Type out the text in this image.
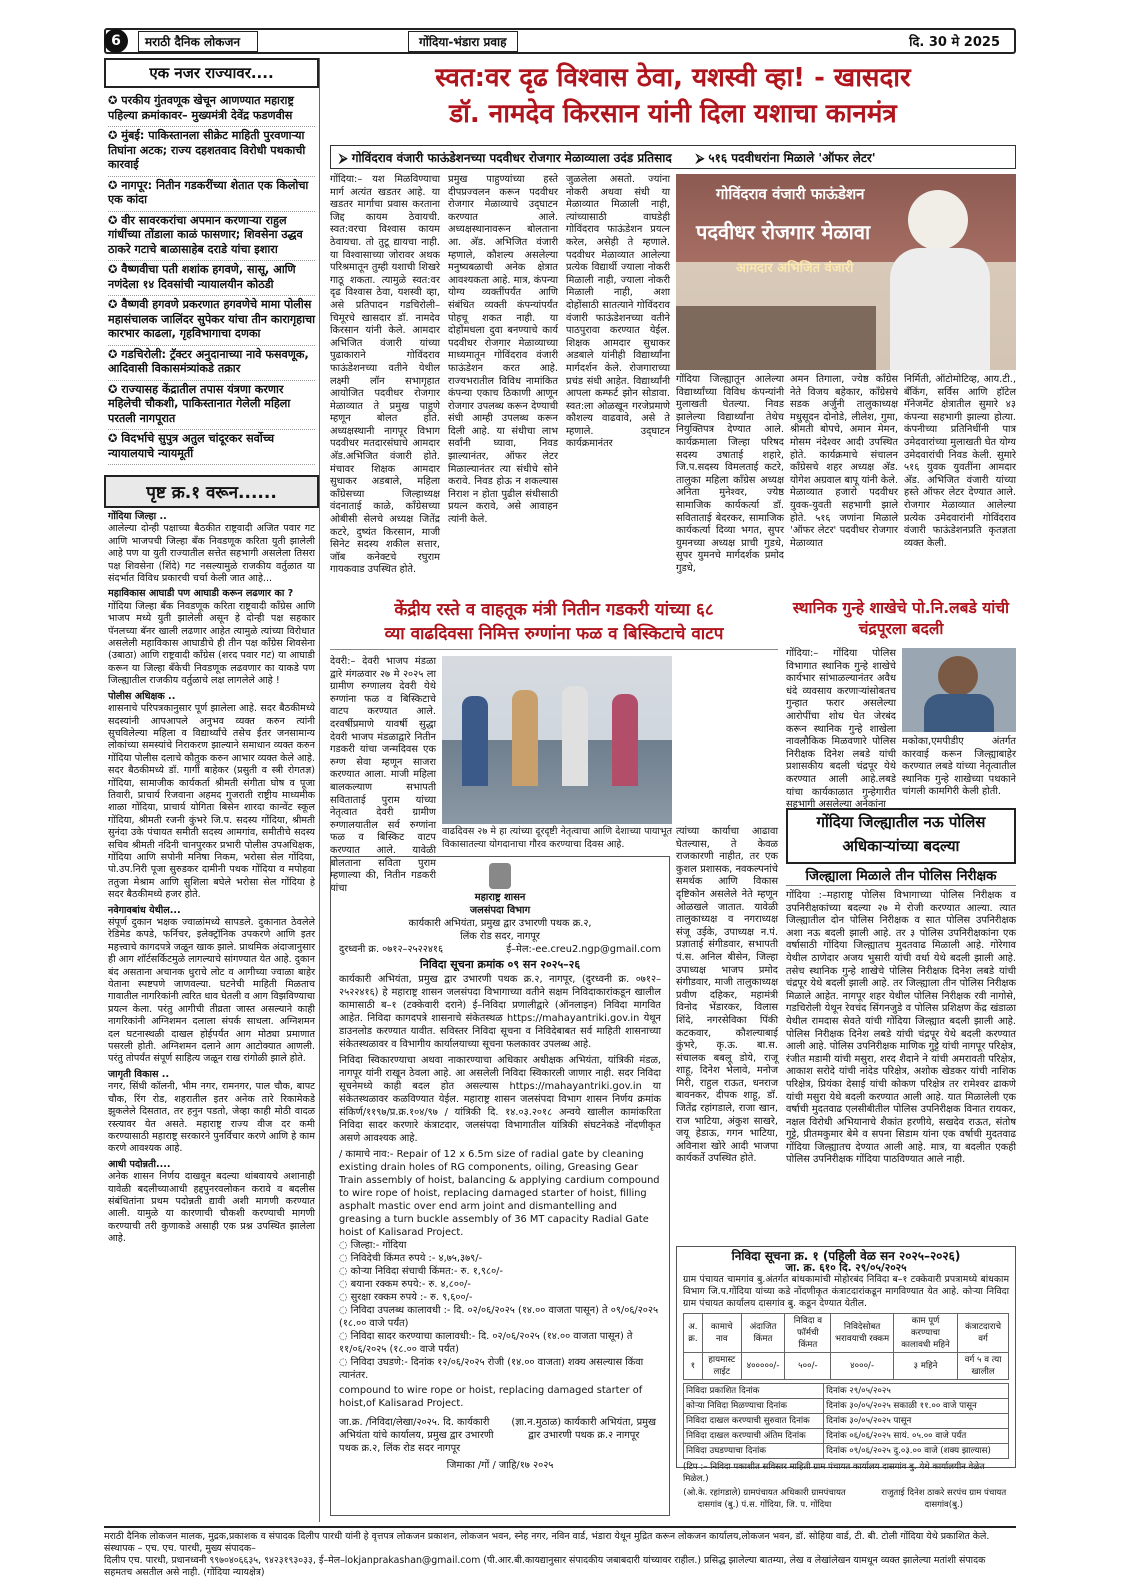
6	मराठी दैनिक लोकजन	गोंदिया-भंडारा प्रवाह	दि. 30 मे 2025
एक नजर राज्यावर....
✪ परकीय गुंतवणूक खेचून आणण्यात महाराष्ट्र पहिल्या क्रमांकावर– मुख्यमंत्री देवेंद्र फडणवीस
✪ मुंबई: पाकिस्तानला सीक्रेट माहिती पुरवणाऱ्या तिघांना अटक; राज्य दहशतवाद विरोधी पथकाची कारवाई
✪ नागपूर: नितीन गडकरींच्या शेतात एक किलोचा एक कांदा
✪ वीर सावरकरांचा अपमान करणाऱ्या राहुल गांधींच्या तोंडाला काळं फासणार; शिवसेना उद्धव ठाकरे गटाचे बाळासाहेब दराडे यांचा इशारा
✪ वैष्णवीचा पती शशांक हगवणे, सासू, आणि नणंदेला १४ दिवसांची न्यायालयीन कोठडी
✪ वैष्णवी हगवणे प्रकरणात हगवणेचे मामा पोलीस महासंचालक जालिंदर सुपेकर यांचा तीन कारागृहाचा कारभार काढला, गृहविभागाचा दणका
✪ गडचिरोली: ट्रॅक्टर अनुदानाच्या नावे फसवणूक, आदिवासी विकासमंत्र्यांकडे तक्रार
✪ राज्यासह केंद्रातील तपास यंत्रणा करणार महिलेची चौकशी, पाकिस्तानात गेलेली महिला परतली नागपूरात
✪ विदर्भाचे सुपुत्र अतुल चांदूरकर सर्वोच्च न्यायालयाचे न्यायमूर्ती
पृष्ट क्र.१ वरून......
गोंदिया जिल्हा ..

आलेल्या दोन्ही पक्षाच्या बैठकीत राष्ट्रवादी अजित पवार गट आणि भाजपची जिल्हा बँक निवडणूक करिता युती झालेली आहे पण या युती राज्यातील सत्तेत सहभागी असलेला तिसरा पक्ष शिवसेना (शिंदे) गट नसल्यामुळे राजकीय वर्तुळात या संदर्भात विविध प्रकारची चर्चा केली जात आहे...

महाविकास आघाडी पण आघाडी करून लढणार का ?

गोंदिया जिल्हा बँक निवडणूक करिता राष्ट्रवादी काँग्रेस आणि भाजप मध्ये युती झालेली असून हे दोन्ही पक्ष सहकार पॅनलच्या बॅनर खाली लढणार आहेत त्यामुळे त्यांच्या विरोधात असलेली महाविकास आघाडीचे ही तीन पक्ष काँग्रेस शिवसेना (उबाठा) आणि राष्ट्रवादी काँग्रेस (शरद पवार गट) या आघाडी करून या जिल्हा बँकेची निवडणूक लढवणार का याकडे पण जिल्ह्यातील राजकीय वर्तुळाचे लक्ष लागलेले आहे !

पोलीस अधिक्षक ..

शासनाचे परिपत्रकानुसार पूर्ण झालेला आहे. सदर बैठकीमध्ये सदस्यांनी आपआपले अनुभव व्यक्त करुन त्यांनी सुचविलेल्या महिला व विद्यार्थ्यांचे तसेच ईतर जनसामान्य लोकांच्या समस्यांचे निराकरण झाल्याने समाधान व्यक्त करुन गोंदिया पोलीस दलाचे कौतुक करुन आभार व्यक्त केले आहे. सदर बैठकीमध्ये डॉ. गार्गी बाहेकर (प्रसुती व स्त्री रोगतज्ञ) गोंदिया, सामाजीक कार्यकर्ता श्रीमती संगीता घोष व पूजा तिवारी, प्राचार्य रिजवाना अहमद गुजराती राष्ट्रीय माध्यमीक शाळा गोंदिया, प्राचार्य योगिता बिसेन शारदा कान्वेंट स्कूल गोंदिया, श्रीमती रजनी कुंभरे जि.प. सदस्य गोंदिया, श्रीमती सुनंदा उके पंचायत समीती सदस्य आमगांव, समीतीचे सदस्य सचिव श्रीमती नंदिनी चानपुरकर प्रभारी पोलीस उपअधिक्षक, गोंदिया आणि सपोनी मनिषा निकम, भरोसा सेल गोंदिया, पो.उप.निरी पूजा सुरुडकर दामीनी पथक गोंदिया व मपोहवा ततुजा मेश्राम आणि सुशिला बघेले भरोसा सेल गोंदिया हे सदर बैठकीमध्ये हजर होते.

नवेगावबांध येथील...

संपूर्ण दुकान भक्षक ज्वाळांमध्ये सापडले. दुकानात ठेवलेले रेडिमेड कपडे, फर्निचर, इलेक्ट्रॉनिक उपकरणे आणि इतर महत्त्वाचे कागदपत्रे जळून खाक झाले. प्राथमिक अंदाजानुसार ही आग शॉर्टसर्किटमुळे लागल्याचे सांगण्यात येत आहे. दुकान बंद असताना अचानक धुराचे लोट व आगीच्या ज्वाळा बाहेर येताना स्पष्टपणे जाणवल्या. घटनेची माहिती मिळताच गावातील नागरिकांनी त्वरित धाव घेतली व आग विझविण्याचा प्रयत्न केला. परंतु आगीची तीव्रता जास्त असल्याने काही नागरिकांनी अग्निशमन दलाला संपर्क साधला. अग्निशमन दल घटनास्थळी दाखल होईपर्यंत आग मोठ्या प्रमाणात पसरली होती. अग्निशमन दलाने आग आटोक्यात आणली. परंतु तोपर्यंत संपूर्ण साहित्य जळून राख रांगोळी झाले होते.

जागृती विकास ..

नगर, सिंधी कॉलनी, भीम नगर, रामनगर, पाल चौक, बापट चौक, रिंग रोड, शहरातील इतर अनेक तारे रिकामेकडे झुकलेले दिसतात, तर हनुन पडतो, जेव्हा काही मोठी वादळ रस्त्यावर येत असते. महाराष्ट्र राज्य वीज दर कमी करण्यासाठी महाराष्ट्र सरकारने पुनर्विचार करणे आणि हे काम करणे आवश्यक आहे.

आधी पदोन्नती....

अनेक शासन निर्णय दाखवून बदल्या थांबवायचे अशानाही यावेळी बदलीच्याआधी हद्दपुनरवलोकन करावे व बदलीस संबंधितांना प्रथम पदोन्नती द्यावी अशी मागणी करण्यात आली. यामुळे या कारणाची चौकशी करण्याची मागणी करण्याची तरी कुणाकडे असाही एक प्रश्न उपस्थित झालेला आहे.

स्वत:वर दृढ विश्वास ठेवा, यशस्वी व्हा! - खासदार
डॉ. नामदेव किरसान यांनी दिला यशाचा कानमंत्र
⮚ गोविंदराव वंजारी फाऊंडेशनच्या पदवीधर रोजगार मेळाव्याला उदंड प्रतिसाद ⮚ ५१६ पदवीधरांना मिळाले 'ऑफर लेटर'
गोंदिया:– यश मिळविण्याचा मार्ग अत्यंत खडतर आहे. या खडतर मार्गाचा प्रवास करताना जिद्द कायम ठेवायची. स्वत:वरचा विश्वास कायम ठेवायचा. तो तुटू द्यायचा नाही. या विश्वासाच्या जोरावर अथक परिश्रमातून तुम्ही यशाची शिखरे गाठू शकता. त्यामुळे स्वत:वर दृढ विश्वास ठेवा, यशस्वी व्हा, असे प्रतिपादन गडचिरोली–चिमूरचे खासदार डॉ. नामदेव किरसान यांनी केले. आमदार अभिजित वंजारी यांच्या पुढाकाराने गोविंदराव फाऊंडेशनच्या वतीने येथील लक्ष्मी लॉन सभागृहात आयोजित पदवीधर रोजगार मेळाव्यात ते प्रमुख पाहुणे म्हणून बोलत होते. अध्यक्षस्थानी नागपूर विभाग पदवीधर मतदारसंघाचे आमदार अ‍ॅड.अभिजित वंजारी होते. मंचावर शिक्षक आमदार सुधाकर अडबाले, महिला काँग्रेसच्या जिल्हाध्यक्ष वंदनाताई काळे, काँग्रेसच्या ओबीसी सेलचे अध्यक्ष जितेंद्र कटरे, दुष्यंत किरसान, माजी सिनेट सदस्य शकील सत्तार, जॉब कनेक्टचे रघुराम गायकवाड उपस्थित होते.
प्रमुख पाहुण्यांच्या हस्ते दीपप्रज्वलन करून पदवीधर रोजगार मेळाव्याचे उद्‌घाटन करण्यात आले. अध्यक्षस्थानावरून बोलताना आ. अ‍ॅड. अभिजित वंजारी म्हणाले, कौशल्य असलेल्या मनुष्यबळाची अनेक क्षेत्रात आवश्यकता आहे. मात्र, कंपन्या योग्य व्यक्तींपर्यंत आणि संबंधित व्यक्ती कंपन्यांपर्यंत पोहचू शकत नाही. या दोहोंमधला दुवा बनण्याचे कार्य पदवीधर रोजगार मेळाव्याच्या माध्यमातून गोविंदराव वंजारी फाऊंडेशन करत आहे. राज्यभरातील विविध नामांकित कंपन्या एकाच ठिकाणी आणून रोजगार उपलब्ध करून देण्याची संधी आम्ही उपलब्ध करून दिली आहे. या संधीचा लाभ सर्वांनी घ्यावा, निवड झाल्यानंतर, ऑफर लेटर मिळाल्यानंतर त्या संधीचे सोने करावे. निवड होऊ न शकल्यास निराश न होता पुढील संधीसाठी प्रयत्न करावे, असे आवाहन त्यांनी केले.
जुळलेला असतो. ज्यांना नोकरी अथवा संधी या मेळाव्यात मिळाली नाही, त्यांच्यासाठी वाघडेही गोविंदराव फाऊंडेशन प्रयत्न करेल, असेही ते म्हणाले. पदवीधर मेळाव्यात आलेल्या प्रत्येक विद्यार्थी ज्याला नोकरी मिळाली नाही, ज्याला नोकरी मिळाली नाही, अशा दोहोंसाठी सातत्याने गोविंदराव वंजारी फाऊंडेशनच्या वतीने पाठपुरावा करण्यात येईल. शिक्षक आमदार सुधाकर अडबाले यांनीही विद्यार्थ्यांना मार्गदर्शन केले. रोजगाराच्या प्रचंड संधी आहेत. विद्यार्थ्यांनी आपला कम्फर्ट झोन सोडावा. स्वत:ला ओळखून गरजेप्रमाणे कौशल्य वाढवावे, असे ते म्हणाले. उद्‌घाटन कार्यक्रमानंतर
गोविंदराव वंजारी फाऊंडेशन
पदवीधर रोजगार मेळावा
आमदार अभिजित वंजारी
गोंदिया जिल्ह्यातून आलेल्या विद्यार्थ्यांच्या विविध कंपन्यांनी मुलाखती घेतल्या. निवड झालेल्या विद्यार्थ्यांना तेथेच नियुक्तिपत्र देण्यात आले. कार्यक्रमाला जिल्हा परिषद सदस्य उषाताई शहारे, जि.प.सदस्य विमलताई कटरे, तालुका महिला काँग्रेस अध्यक्ष अनिता मुनेश्वर, ज्येष्ठ सामाजिक कार्यकर्त्या डॉ. सविताताई बेदरकर, सामाजिक कार्यकर्त्या दिव्या भगत, सुपर युमनच्या अध्यक्ष प्राची गुडधे, सुपर युमनचे मार्गदर्शक प्रमोद गुडधे,
अमन तिगाला, ज्येष्ठ काँग्रेस नेते विजय बहेकार, काँग्रेसचे सडक अर्जुनी तालुकाध्यक्ष मधुसूदन दोनोडे, लीलेश, गुमा, श्रीमती बोपचे, अमान मेमन, मोसम नंदेश्वर आदी उपस्थित होते. कार्यक्रमाचे संचालन काँग्रेसचे शहर अध्यक्ष अ‍ॅड. योगेश अग्रवाल बापू यांनी केले. मेळाव्यात हजारो पदवीधर युवक-युवती सहभागी झाले होते. ५१६ जणांना मिळाले 'ऑफर लेटर' पदवीधर रोजगार मेळाव्यात
निर्मिती, ऑटोमोटिव्ह, आय.टी., बँकिंग, सर्विस आणि हॉटेल मॅनेजमेंट क्षेत्रातील सुमारे ४३ कंपन्या सहभागी झाल्या होत्या. कंपनीच्या प्रतिनिधींनी पात्र उमेदवारांच्या मुलाखती घेत योग्य उमेदवारांची निवड केली. सुमारे ५१६ युवक युवतींना आमदार अ‍ॅड. अभिजित वंजारी यांच्या हस्ते ऑफर लेटर देण्यात आले. रोजगार मेळाव्यात आलेल्या प्रत्येक उमेदवारांनी गोविंदराव वंजारी फाऊंडेशनप्रति कृतज्ञता व्यक्त केली.
केंद्रीय रस्ते व वाहतूक मंत्री नितीन गडकरी यांच्या ६८
व्या वाढदिवसा निमित्त रुग्णांना फळ व बिस्किटाचे वाटप
देवरी:– देवरी भाजप मंडळा द्वारे मंगळवार २७ मे २०२५ ला ग्रामीण रुग्णालय देवरी येथे रुग्णांना फळ व बिस्किटाचे वाटप करण्यात आले. दरवर्षीप्रमाणे यावर्षी सुद्धा देवरी भाजप मंडळाद्वारे नितीन गडकरी यांचा जन्मदिवस एक रुग्ण सेवा म्हणून साजरा करण्यात आला. माजी महिला बालकल्याण सभापती सविताताई पुराम यांच्या नेतृत्वात देवरी ग्रामीण रुग्णालयातील सर्व रुग्णांना फळ व बिस्किट वाटप करण्यात आले. यावेळी बोलताना सविता पुराम म्हणाल्या की, नितीन गडकरी यांचा
वाढदिवस २७ मे हा त्यांच्या दूरदृष्टी नेतृत्वाचा आणि देशाच्या पायाभूत विकासातल्या योगदानाचा गौरव करण्याचा दिवस आहे.
त्यांच्या कार्याचा आढावा घेतल्यास, ते केवळ राजकारणी नाहीत, तर एक कुशल प्रशासक, नवकल्पनांचे समर्थक आणि विकास दृष्टिकोन असलेले नेते म्हणून ओळखले जातात. यावेळी तालुकाध्यक्ष व नगराध्यक्ष संजू उईके, उपाध्यक्ष न.पं. प्रज्ञाताई संगीडवार, सभापती पं.स. अनिल बीसेन, जिल्हा उपाध्यक्ष भाजप प्रमोद संगीडवार, माजी तालुकाध्यक्ष प्रवीण दहिकर, महामंत्री विनोद भेंडारकर, विलास शिंदे, नगरसेविका पिंकी कटकवार, कौशल्याबाई कुंभरे, कृ.ऊ. बा.स. संचालक बबलू डोये, राजू शाहू, दिनेश भेलावे, मनोज मिरी, राहुल राऊत, धनराज बावनकर, दीपक शाहू, डॉ. जितेंद्र रहांगडाले, राजा खान, राज भाटिया, अंकुश साखरे, जयू हेडाऊ, गगन भाटिया, अविनाश खोरे आदी भाजपा कार्यकर्ते उपस्थित होते.
स्थानिक गुन्हे शाखेचे पो.नि.लबडे यांची चंद्रपूरला बदली
गोंदिया:– गोंदिया पोलिस विभागात स्थानिक गुन्हे शाखेचे कार्यभार सांभाळल्यानंतर अवैध धंदे व्यवसाय करणाऱ्यांसोबतच गुन्हात फरार असलेल्या आरोपींचा शोध घेत जेरबंद करून स्थानिक गुन्हे शाखेला नावलौकिक मिळवणारे पोलिस निरीक्षक दिनेश लबडे यांची प्रशासकीय बदली चंद्रपूर येथे करण्यात आली आहे.लबडे यांचा कार्यकाळात गुन्हेगारीत सहभागी असलेल्या अनेकांना
मकोका,एमपीडीए अंतर्गत कारवाई करून जिल्ह्याबाहेर करण्यात लबडे यांच्या नेतृत्वातील स्थानिक गुन्हे शाखेच्या पथकाने चांगली कामगिरी केली होती.
गोंदिया जिल्ह्यातील नऊ पोलिस
अधिकाऱ्यांच्या बदल्या
जिल्ह्याला मिळाले तीन पोलिस निरीक्षक
गोंदिया :–महाराष्ट्र पोलिस विभागाच्या पोलिस निरीक्षक व उपनिरीक्षकांच्या बदल्या २७ मे रोजी करण्यात आल्या. त्यात जिल्ह्यातील दोन पोलिस निरीक्षक व सात पोलिस उपनिरीक्षक अशा नऊ बदली झाली आहे. तर ३ पोलिस उपनिरीक्षकांना एक वर्षासाठी गोंदिया जिल्ह्यातच मुदतवाढ मिळाली आहे. गोरेगाव येथील ठाणेदार अजय भुसारी यांची वर्धा येथे बदली झाली आहे. तसेच स्थानिक गुन्हे शाखेचे पोलिस निरीक्षक दिनेश लबडे यांची चंद्रपूर येथे बदली झाली आहे. तर जिल्ह्याला तीन पोलिस निरीक्षक मिळाले आहेत. नागपूर शहर येथील पोलिस निरीक्षक रवी नागोसे, गडचिरोली येथून रेवचंद सिंगनजुडे व पोलिस प्रशिक्षण केंद्र खंडाळा येथील रामदास सेवते यांची गोंदिया जिल्ह्यात बदली झाली आहे. पोलिस निरीक्षक दिनेश लबडे यांची चंद्रपूर येथे बदली करण्यात आली आहे. पोलिस उपनिरीक्षक माणिक गुट्टे यांची नागपूर परिक्षेत्र, रंजीत मडामी यांची मसुरा, शरद शैदाने ने यांची अमरावती परिक्षेत्र, आकाश सरोदे यांची नांदेड परिक्षेत्र, अशोक खेडकर यांची नाशिक परिक्षेत्र, प्रियंका देसाई यांची कोकण परिक्षेत्र तर रामेश्वर ढाकणे यांची मसुरा येथे बदली करण्यात आली आहे. यात मिळालेली एक वर्षाची मुदतवाढ एलसीबीतील पोलिस उपनिरीक्षक विनात रायकर, नक्षल विरोधी अभियानाचे शैकांत हरणीये, सखदेव राऊत, संतोष गुट्टे, प्रीतमकुमार बेमे व सपना सिडाम यांना एक वर्षाची मुदतवाढ गोंदिया जिल्ह्यातच देण्यात आली आहे. मात्र, या बदलीत एकही पोलिस उपनिरीक्षक गोंदिया पाठविण्यात आले नाही.
महाराष्ट्र शासन
जलसंपदा विभाग
कार्यकारी अभियंता, प्रमुख द्वार उभारणी पथक क्र.२,
लिंक रोड सदर, नागपूर
दुरध्वनी क्र. ०७१२–२५२२४१६	ई–मेल:-ee.creu2.ngp@gmail.com
निविदा सूचना क्रमांक ०९ सन २०२५–२६

कार्यकारी अभियंता, प्रमुख द्वार उभारणी पथक क्र.२, नागपूर, (दुरध्वनी क्र. ०७१२–२५२२४१६) हे महाराष्ट्र शासन जलसंपदा विभागाच्या वतीने सक्षम निविदाकारांकडून खालील कामासाठी ब–१ (टक्केवारी दराने) ई–निविदा प्रणालीद्वारे (ऑनलाइन) निविदा मागवित आहेत. निविदा कागदपत्रे शासनाचे संकेतस्थळ https://mahayantriki.gov.in येथून डाउनलोड करण्यात यावीत. सविस्तर निविदा सूचना व निविदेबाबत सर्व माहिती शासनाच्या संकेतस्थळावर व विभागीय कार्यालयाच्या सूचना फलकावर उपलब्ध आहे.

निविदा स्विकारण्याचा अथवा नाकारण्याचा अधिकार अधीक्षक अभियंता, यांत्रिकी मंडळ, नागपूर यांनी राखून ठेवला आहे. आ असलेली निविदा स्विकारली जाणार नाही. सदर निविदा सूचनेमध्ये काही बदल होत असल्यास https://mahayantriki.gov.in या संकेतस्थळावर कळविण्यात येईल. महाराष्ट्र शासन जलसंपदा विभाग शासन निर्णय क्रमांक संकिर्ण/११९७/प्र.क्र.१०४/९७ / यांत्रिकी दि. १४.०३.२०१८ अन्वये खालील कामांकरिता निविदा सादर करणारे कंत्राटदार, जलसंपदा विभागातील यांत्रिकी संघटनेकडे नोंदणीकृत असणे आवश्यक आहे.

/ कामाचे नाव:- Repair of 12 x 6.5m size of radial gate by cleaning existing drain holes of RG components, oiling, Greasing Gear Train assembly of hoist, balancing & applying cardium compound to wire rope of hoist, replacing damaged starter of hoist, filling asphalt mastic over end arm joint and dismantelling and greasing a turn buckle assembly of 36 MT capacity Radial Gate hoist of Kalisarad Project.

◌ जिल्हा:- गोंदिया
◌ निविदेची किंमत रुपये :- ४,७५,३७९/-
◌ कोऱ्या निविदा संचाची किंमत:- रु. १,९८०/-
◌ बयाना रक्कम रुपये:- रु. ४,८००/-
◌ सुरक्षा रक्कम रुपये :- रु. ९,६००/-
◌ निविदा उपलब्ध कालावधी :- दि. ०२/०६/२०२५ (१४.०० वाजता पासून) ते ०९/०६/२०२५ (१८.०० वाजे पर्यंत)
◌ निविदा सादर करण्याचा कालावधी:- दि. ०२/०६/२०२५ (१४.०० वाजता पासून) ते ११/०६/२०२५ (१८.०० वाजे पर्यंत)
◌ निविदा उघडणे:- दिनांक १२/०६/२०२५ रोजी (१४.०० वाजता) शक्य असल्यास किंवा त्यानंतर.

compound to wire rope or hoist, replacing damaged starter of hoist,of Kalisarad Project.

जा.क्र. /निविदा/लेखा/२०२५. दि. कार्यकारी अभियंता यांचे कार्यालय, प्रमुख द्वार उभारणी पथक क्र.२, लिंक रोड सदर नागपूर
(ज्ञा.न.मुठाळ) कार्यकारी अभियंता, प्रमुख द्वार उभारणी पथक क्र.२ नागपूर
जिमाका /गों / जाहि/१७ २०२५
निविदा सूचना क्र. १ (पहिली वेळ सन २०२५–२०२६)
जा. क्र. ६१० दि. २९/०५/२०२५

ग्राम पंचायत चामगांव बु.अंतर्गत बांधकामांची मोहोरबंद निविदा ब–१ टक्केवारी प्रपत्रामध्ये बांधकाम विभाग जि.प.गोंदिया यांच्या कडे नोंदणीकृत कंत्राटदारांकडून मागविण्यात येत आहे. कोऱ्या निविदा ग्राम पंचायत कार्यालय दासगांव बु. कडून देण्यात येतील.

अ. क्र.	कामाचे नाव	अंदाजित किंमत	निविदा व फॉर्मची किंमत	निविदेसोबत भरावयाची रक्कम	काम पूर्ण करण्याचा कालावधी महिने	कंत्राटदाराचे वर्ग
१	हायमास्ट लाईट	४०००००/-	५००/-	४०००/-	३ महिने	वर्ग ५ व त्या खालील
निविदा प्रकाशित दिनांक	दिनांक २९/०५/२०२५
कोऱ्या निविदा मिळण्याचा दिनांक	दिनांक ३०/०५/२०२५ सकाळी ११.०० वाजे पासून
निविदा दाखल करण्याची सुरुवात दिनांक	दिनांक ३०/०५/२०२५ पासून
निविदा दाखल करण्याची अंतिम दिनांक	दिनांक ०६/०६/२०२५ सायं. ०५.०० वाजे पर्यंत
निविदा उघडण्याचा दिनांक	दिनांक ०९/०६/२०२५ दु.०३.०० वाजे (शक्य झाल्यास)
(टिप :– निविदा पकाशीत सविस्तर माहिती ग्राम पंचायत कार्यालय दासगांव बु. येथे कार्यालयीन वेळेत मिळेल.)
(ओ.के. रहांगडाले) ग्रामपंचायत अधिकारी ग्रामपंचायत दासगांव (बु.) पं.स. गोंदिया, जि. प. गोंदिया
राजुताई दिनेश ठाकरे सरपंच ग्राम पंचायत दासगांव(बु.)
मराठी दैनिक लोकजन मालक, मुद्रक,प्रकाशक व संपादक दिलीप पारधी यांनी हे वृत्तपत्र लोकजन प्रकाशन, लोकजन भवन, स्नेह नगर, नविन वार्ड, भंडारा येथून मुद्रित करून लोकजन कार्यालय,लोकजन भवन, डॉ. सोहिया वार्ड, टी. बी. टोली गोंदिया येथे प्रकाशित केले. संस्थापक – एच. एच. पारधी, मुख्य संपादक–
दिलीप एच. पारधी, प्रधानध्वनी ९९७०४०६६३५, ९४२३१९३०३३, ई–मेल–lokjanprakashan@gmail.com (पी.आर.बी.कायद्यानुसार संपादकीय जबाबदारी यांच्यावर राहील.) प्रसिद्ध झालेल्या बातम्या, लेख व लेखांलेखन यामधून व्यक्त झालेल्या मतांशी संपादक सहमतच असतील असे नाही. (गोंदिया न्यायक्षेत्र)
